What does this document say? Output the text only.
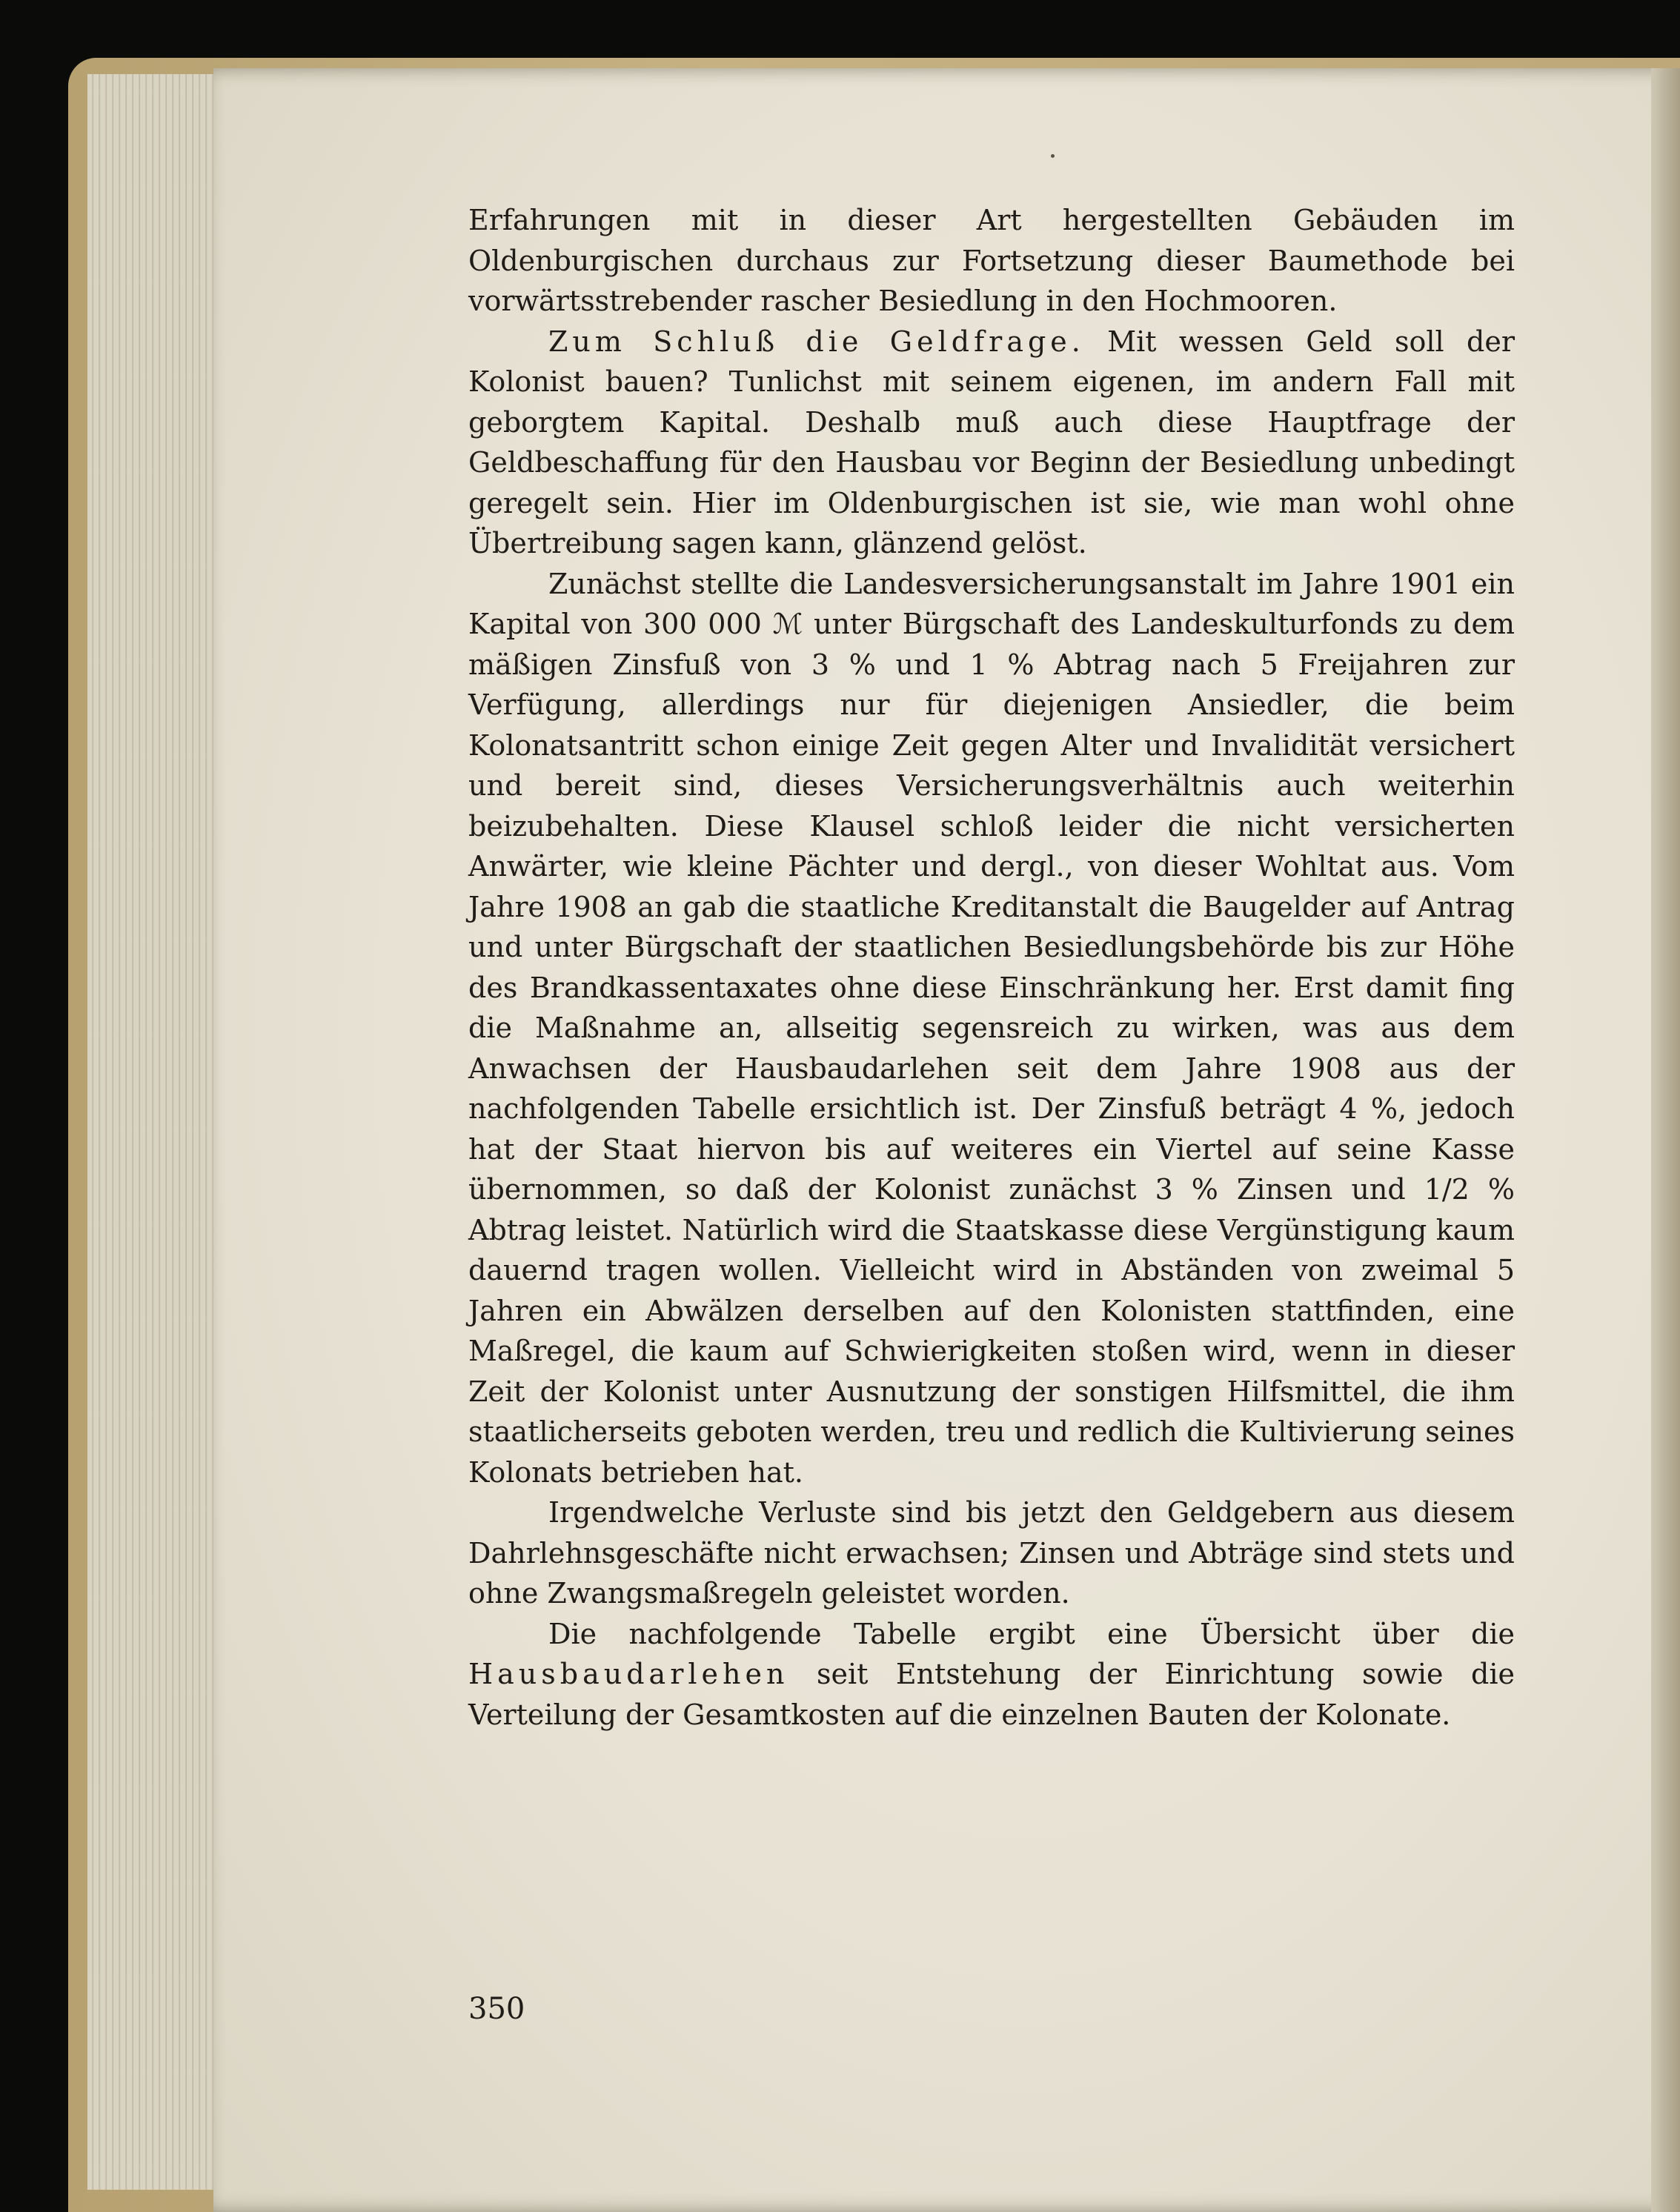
Erfahrungen mit in dieser Art hergestellten Gebäuden im Oldenburgischen durchaus zur Fortsetzung dieser Baumethode bei vorwärtsstrebender rascher Besiedlung in den Hochmooren.

Zum Schluß die Geldfrage. Mit wessen Geld soll der Kolonist bauen? Tunlichst mit seinem eigenen, im andern Fall mit geborgtem Kapital. Deshalb muß auch diese Hauptfrage der Geldbeschaffung für den Hausbau vor Beginn der Besiedlung unbedingt geregelt sein. Hier im Oldenburgischen ist sie, wie man wohl ohne Übertreibung sagen kann, glänzend gelöst.

Zunächst stellte die Landesversicherungsanstalt im Jahre 1901 ein Kapital von 300 000 ℳ unter Bürgschaft des Landeskulturfonds zu dem mäßigen Zinsfuß von 3 % und 1 % Abtrag nach 5 Freijahren zur Verfügung, allerdings nur für diejenigen Ansiedler, die beim Kolonatsantritt schon einige Zeit gegen Alter und Invalidität versichert und bereit sind, dieses Versicherungsverhältnis auch weiterhin beizubehalten. Diese Klausel schloß leider die nicht versicherten Anwärter, wie kleine Pächter und dergl., von dieser Wohltat aus. Vom Jahre 1908 an gab die staatliche Kreditanstalt die Baugelder auf Antrag und unter Bürgschaft der staatlichen Besiedlungsbehörde bis zur Höhe des Brandkassentaxates ohne diese Einschränkung her. Erst damit fing die Maßnahme an, allseitig segensreich zu wirken, was aus dem Anwachsen der Hausbaudarlehen seit dem Jahre 1908 aus der nachfolgenden Tabelle ersichtlich ist. Der Zinsfuß beträgt 4 %, jedoch hat der Staat hiervon bis auf weiteres ein Viertel auf seine Kasse übernommen, so daß der Kolonist zunächst 3 % Zinsen und 1/2 % Abtrag leistet. Natürlich wird die Staatskasse diese Vergünstigung kaum dauernd tragen wollen. Vielleicht wird in Abständen von zweimal 5 Jahren ein Abwälzen derselben auf den Kolonisten stattfinden, eine Maßregel, die kaum auf Schwierigkeiten stoßen wird, wenn in dieser Zeit der Kolonist unter Ausnutzung der sonstigen Hilfsmittel, die ihm staatlicherseits geboten werden, treu und redlich die Kultivierung seines Kolonats betrieben hat.

Irgendwelche Verluste sind bis jetzt den Geldgebern aus diesem Dahrlehnsgeschäfte nicht erwachsen; Zinsen und Abträge sind stets und ohne Zwangsmaßregeln geleistet worden.

Die nachfolgende Tabelle ergibt eine Übersicht über die Hausbaudarlehen seit Entstehung der Einrichtung sowie die Verteilung der Gesamtkosten auf die einzelnen Bauten der Kolonate.

350
